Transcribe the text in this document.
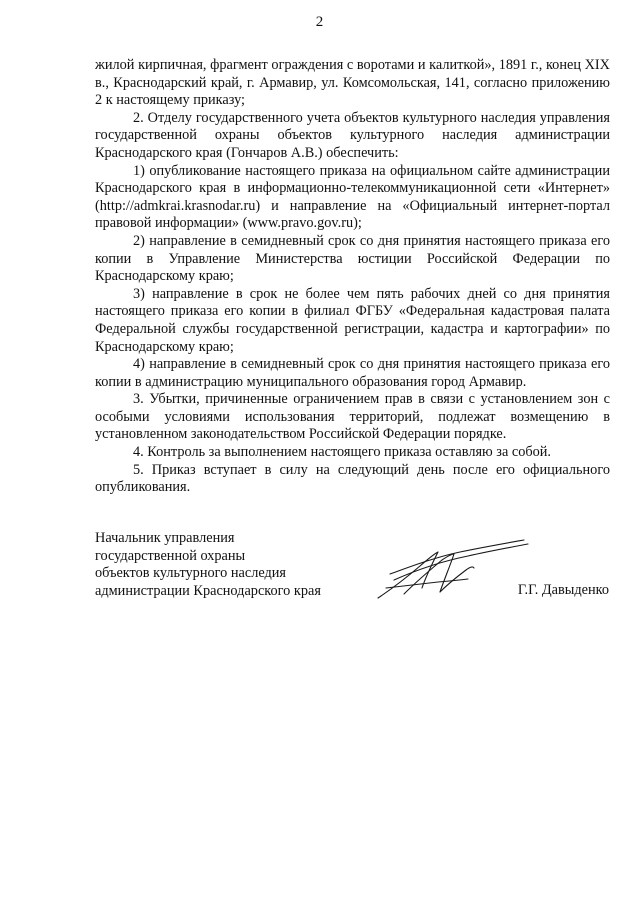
2

жилой кирпичная, фрагмент ограждения с воротами и калиткой», 1891 г., конец XIX в., Краснодарский край, г. Армавир, ул. Комсомольская, 141, согласно приложению 2 к настоящему приказу;

2. Отделу государственного учета объектов культурного наследия управления государственной охраны объектов культурного наследия администрации Краснодарского края (Гончаров А.В.) обеспечить:

1) опубликование настоящего приказа на официальном сайте администрации Краснодарского края в информационно-телекоммуникационной сети «Интернет» (http://admkrai.krasnodar.ru) и направление на «Официальный интернет-портал правовой информации» (www.pravo.gov.ru);

2) направление в семидневный срок со дня принятия настоящего приказа его копии в Управление Министерства юстиции Российской Федерации по Краснодарскому краю;

3) направление в срок не более чем пять рабочих дней со дня принятия настоящего приказа его копии в филиал ФГБУ «Федеральная кадастровая палата Федеральной службы государственной регистрации, кадастра и картографии» по Краснодарскому краю;

4) направление в семидневный срок со дня принятия настоящего приказа его копии в администрацию муниципального образования город Армавир.

3. Убытки, причиненные ограничением прав в связи с установлением зон с особыми условиями использования территорий, подлежат возмещению в установленном законодательством Российской Федерации порядке.

4. Контроль за выполнением настоящего приказа оставляю за собой.

5. Приказ вступает в силу на следующий день после его официального опубликования.

Начальник управления
государственной охраны
объектов культурного наследия
администрации Краснодарского края	Г.Г. Давыденко
